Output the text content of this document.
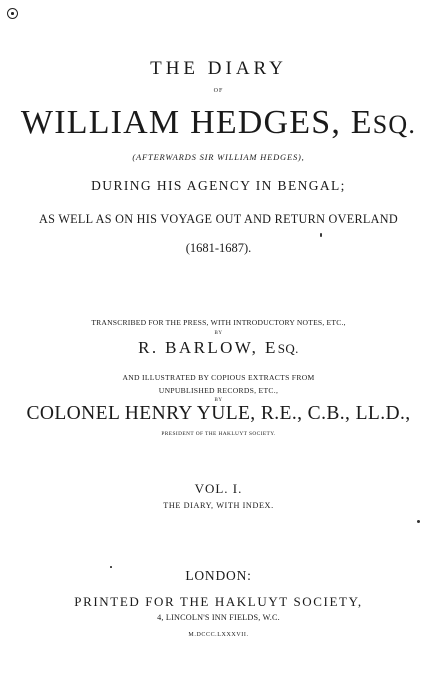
THE DIARY
OF
WILLIAM HEDGES, ESQ.
(AFTERWARDS SIR WILLIAM HEDGES),
DURING HIS AGENCY IN BENGAL;
AS WELL AS ON HIS VOYAGE OUT AND RETURN OVERLAND
(1681-1687).
TRANSCRIBED FOR THE PRESS, WITH INTRODUCTORY NOTES, ETC.,
BY
R. BARLOW, ESQ.
AND ILLUSTRATED BY COPIOUS EXTRACTS FROM
UNPUBLISHED RECORDS, ETC.,
BY
COLONEL HENRY YULE, R.E., C.B., LL.D.,
PRESIDENT OF THE HAKLUYT SOCIETY.
VOL. I.
THE DIARY, WITH INDEX.
LONDON:
PRINTED FOR THE HAKLUYT SOCIETY,
4, LINCOLN'S INN FIELDS, W.C.
M.DCCC.LXXXVII.
